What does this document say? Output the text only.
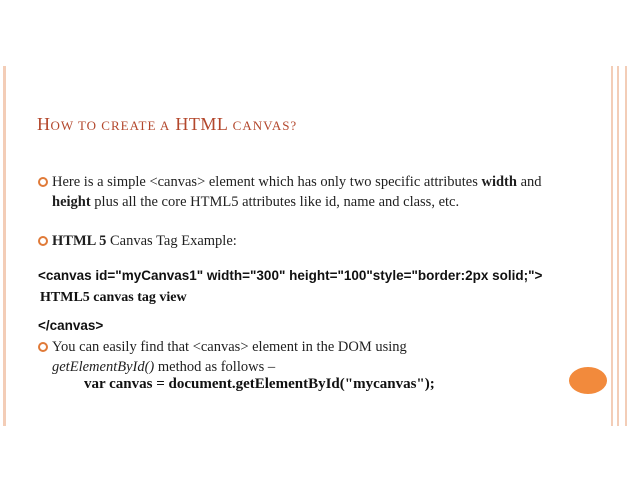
HOW TO CREATE A HTML CANVAS?
Here is a simple <canvas> element which has only two specific attributes width and height plus all the core HTML5 attributes like id, name and class, etc.
HTML 5 Canvas Tag Example:
<canvas id="myCanvas1" width="300" height="100"style="border:2px solid;">
HTML5 canvas tag view
</canvas>
You can easily find that <canvas> element in the DOM using getElementById() method as follows –
var canvas = document.getElementById("mycanvas");
